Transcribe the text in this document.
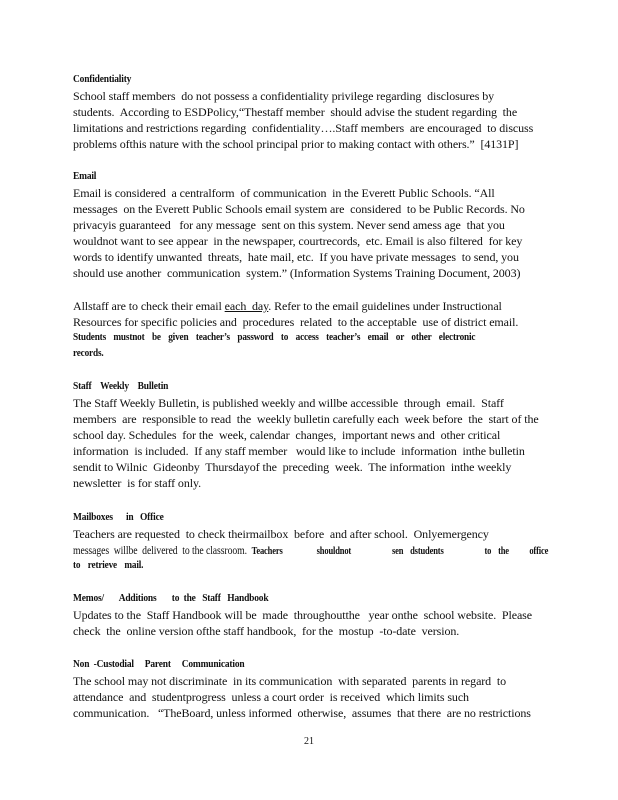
Confidentiality
School staff members  do not possess a confidentiality privilege regarding  disclosures by
students.  According to ESDPolicy,“Thestaff member  should advise the student regarding  the
limitations and restrictions regarding  confidentiality….Staff members  are encouraged  to discuss
problems ofthis nature with the school principal prior to making contact with others.”  [4131P]
Email
Email is considered  a centralform  of communication  in the Everett Public Schools. “All
messages  on the Everett Public Schools email system are  considered  to be Public Records. No
privacyis guaranteed   for any message  sent on this system. Never send amess age  that you
wouldnot want to see appear  in the newspaper, courtrecords,  etc. Email is also filtered  for key
words to identify unwanted  threats,  hate mail, etc.  If you have private messages  to send, you
should use another  communication  system.” (Information Systems Training Document, 2003)
Allstaff are to check their email each  day. Refer to the email guidelines under Instructional
Resources for specific policies and  procedures  related  to the acceptable  use of district email.
Students mustnot be given teacher’s password to access teacher’s email or other electronic
records.
Staff    Weekly    Bulletin
The Staff Weekly Bulletin, is published weekly and willbe accessible  through  email.  Staff
members  are  responsible to read  the  weekly bulletin carefully each  week before  the  start of the
school day. Schedules  for the  week, calendar  changes,  important news and  other critical
information  is included.  If any staff member   would like to include  information  inthe bulletin
sendit to Wilnic  Gideonby  Thursdayof the  preceding  week.  The information  inthe weekly
newsletter  is for staff only.
Mailboxes      in   Office
Teachers are requested  to check theirmailbox  before  and after school.  Onlyemergency
messages  willbe  delivered  to the classroom.  Teachers     shouldnot      sen dstudents      to the   office
to retrieve mail.
Memos/       Additions       to  the   Staff   Handbook
Updates to the  Staff Handbook will be  made  throughoutthe   year onthe  school website.  Please
check  the  online version ofthe staff handbook,  for the  mostup  -to-date  version.
Non  -Custodial     Parent     Communication
The school may not discriminate  in its communication  with separated  parents in regard  to
attendance  and  studentprogress  unless a court order  is received  which limits such
communication.   “TheBoard, unless informed  otherwise,  assumes  that there  are no restrictions
21
